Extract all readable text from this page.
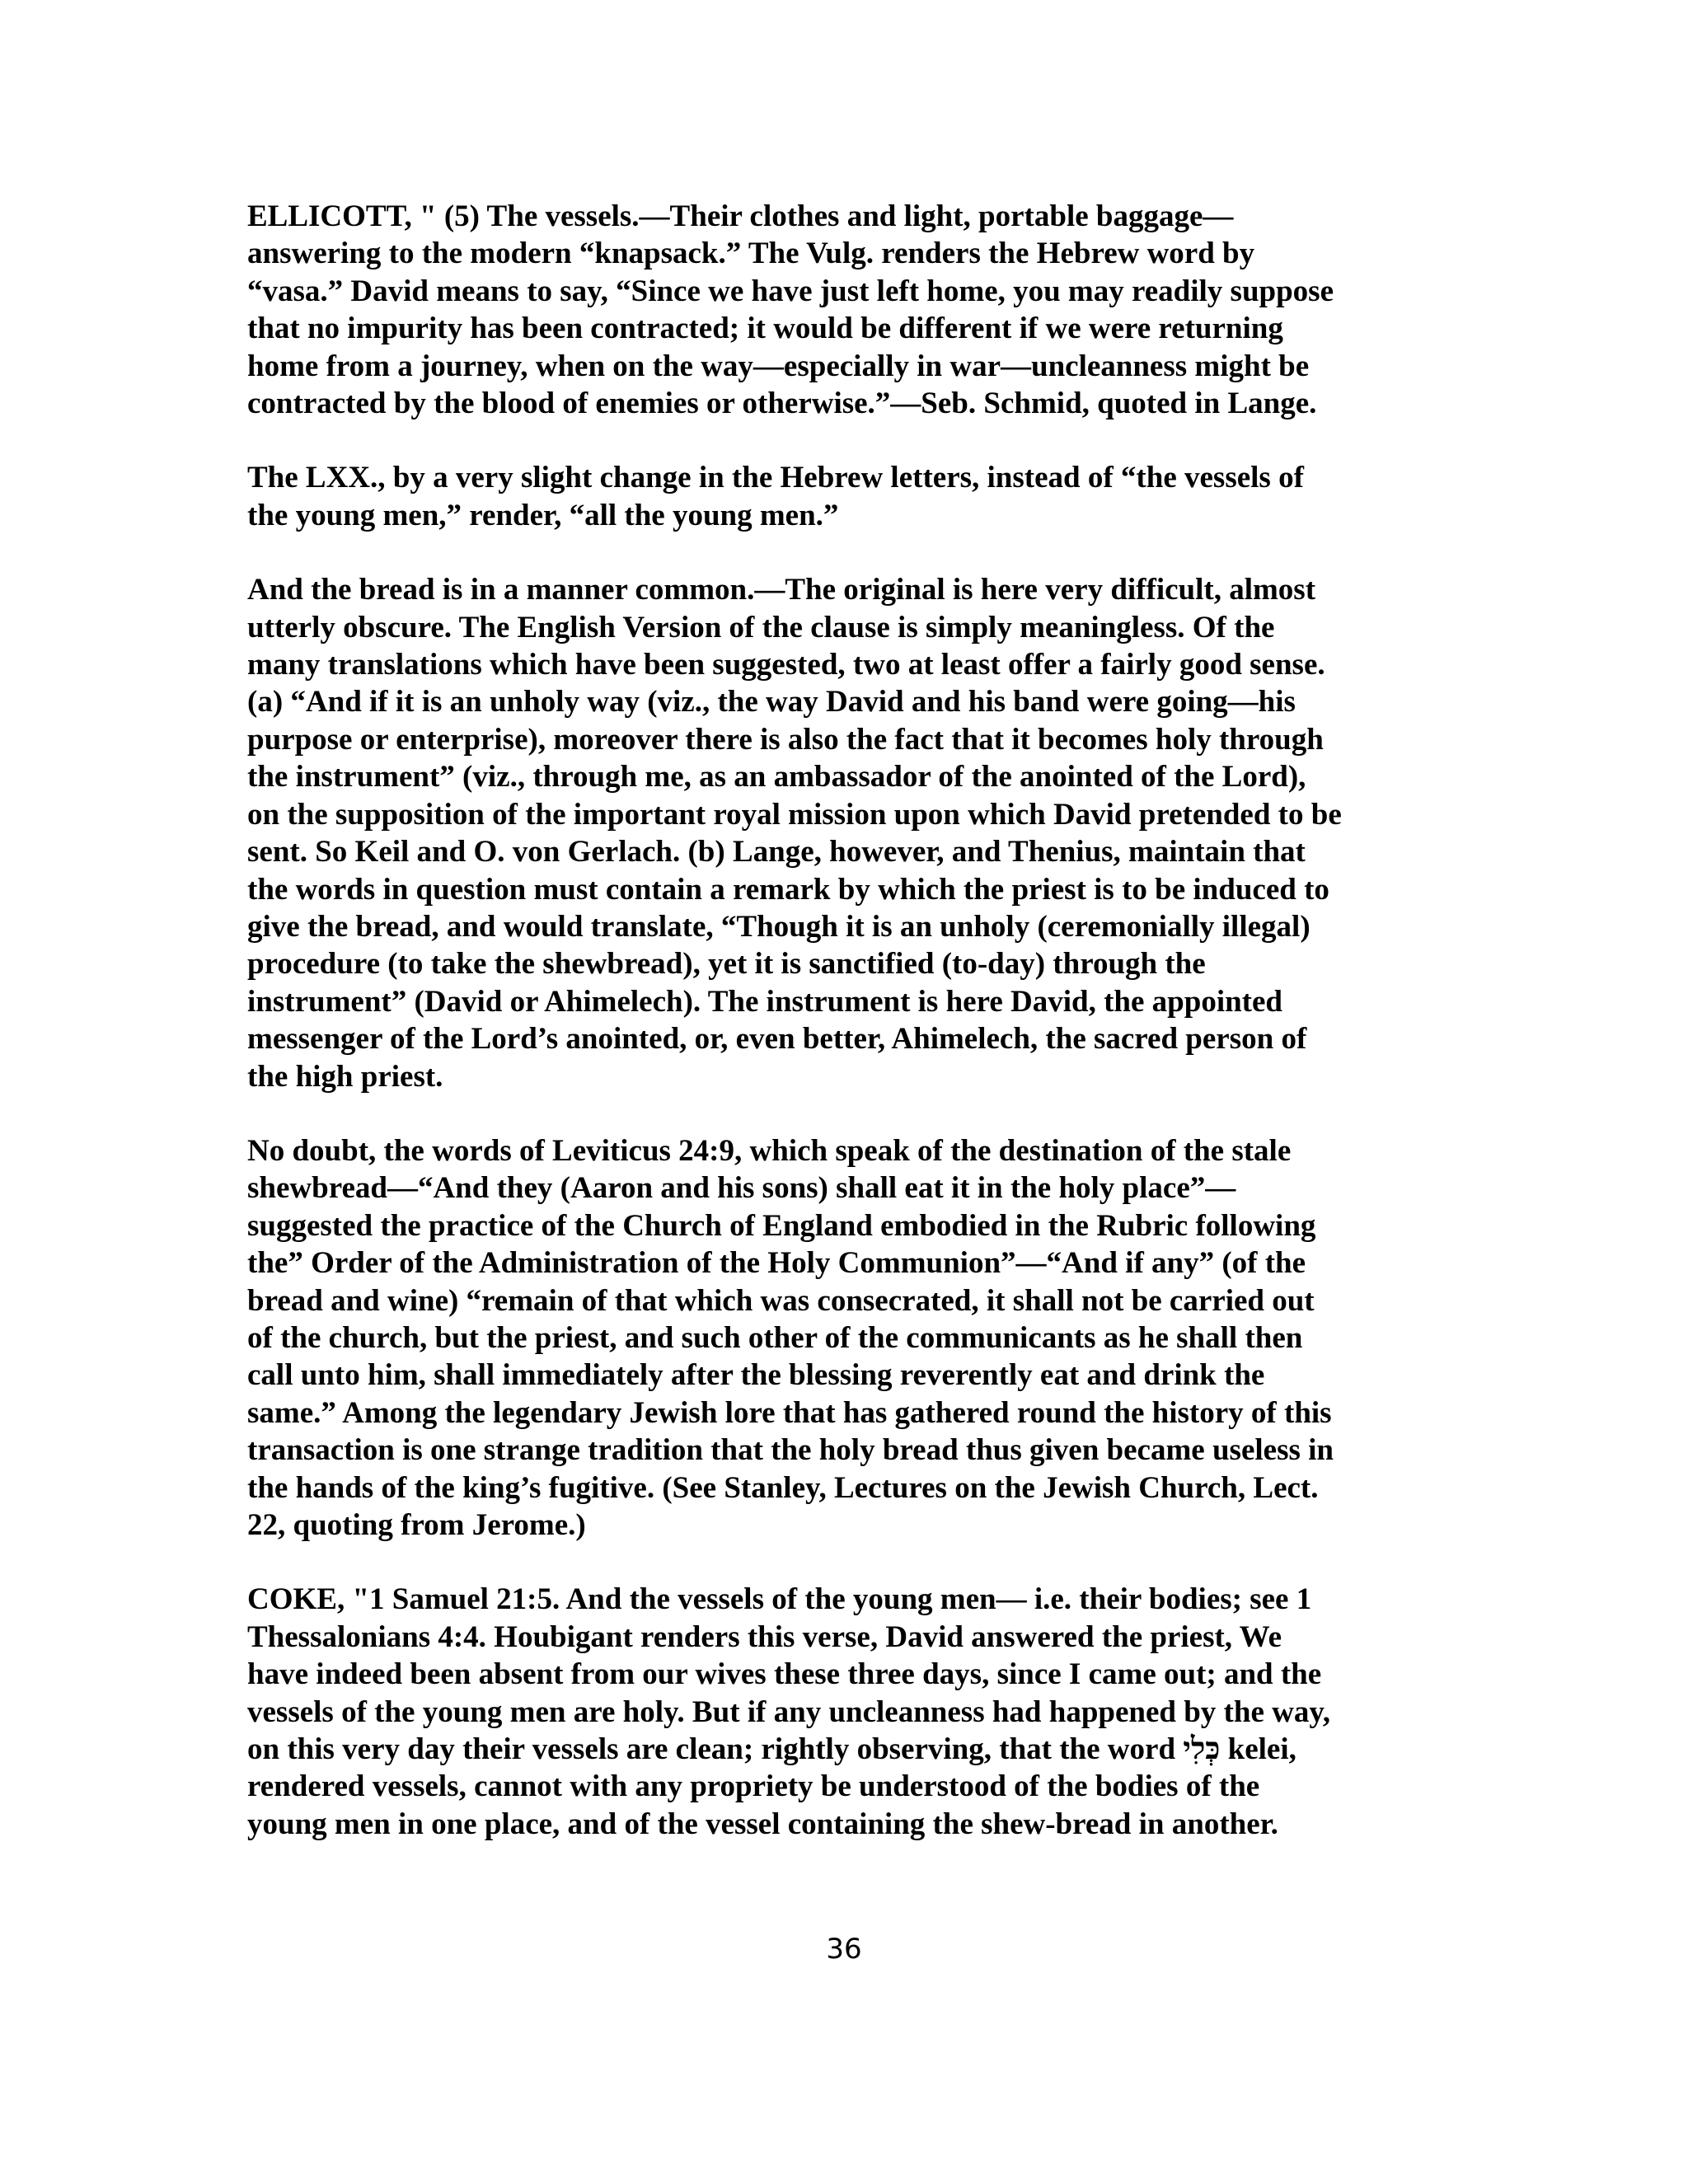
ELLICOTT, " (5) The vessels.—Their clothes and light, portable baggage—
answering to the modern “knapsack.” The Vulg. renders the Hebrew word by
“vasa.” David means to say, “Since we have just left home, you may readily suppose
that no impurity has been contracted; it would be different if we were returning
home from a journey, when on the way—especially in war—uncleanness might be
contracted by the blood of enemies or otherwise.”—Seb. Schmid, quoted in Lange.

The LXX., by a very slight change in the Hebrew letters, instead of “the vessels of
the young men,” render, “all the young men.”

And the bread is in a manner common.—The original is here very difficult, almost
utterly obscure. The English Version of the clause is simply meaningless. Of the
many translations which have been suggested, two at least offer a fairly good sense.
(a) “And if it is an unholy way (viz., the way David and his band were going—his
purpose or enterprise), moreover there is also the fact that it becomes holy through
the instrument” (viz., through me, as an ambassador of the anointed of the Lord),
on the supposition of the important royal mission upon which David pretended to be
sent. So Keil and O. von Gerlach. (b) Lange, however, and Thenius, maintain that
the words in question must contain a remark by which the priest is to be induced to
give the bread, and would translate, “Though it is an unholy (ceremonially illegal)
procedure (to take the shewbread), yet it is sanctified (to-day) through the
instrument” (David or Ahimelech). The instrument is here David, the appointed
messenger of the Lord’s anointed, or, even better, Ahimelech, the sacred person of
the high priest.

No doubt, the words of Leviticus 24:9, which speak of the destination of the stale
shewbread—“And they (Aaron and his sons) shall eat it in the holy place”—
suggested the practice of the Church of England embodied in the Rubric following
the” Order of the Administration of the Holy Communion”—“And if any” (of the
bread and wine) “remain of that which was consecrated, it shall not be carried out
of the church, but the priest, and such other of the communicants as he shall then
call unto him, shall immediately after the blessing reverently eat and drink the
same.” Among the legendary Jewish lore that has gathered round the history of this
transaction is one strange tradition that the holy bread thus given became useless in
the hands of the king’s fugitive. (See Stanley, Lectures on the Jewish Church, Lect.
22, quoting from Jerome.)

COKE, "1 Samuel 21:5. And the vessels of the young men— i.e. their bodies; see 1
Thessalonians 4:4. Houbigant renders this verse, David answered the priest, We
have indeed been absent from our wives these three days, since I came out; and the
vessels of the young men are holy. But if any uncleanness had happened by the way,
on this very day their vessels are clean; rightly observing, that the word כְּלִי kelei,
rendered vessels, cannot with any propriety be understood of the bodies of the
young men in one place, and of the vessel containing the shew-bread in another.

36
